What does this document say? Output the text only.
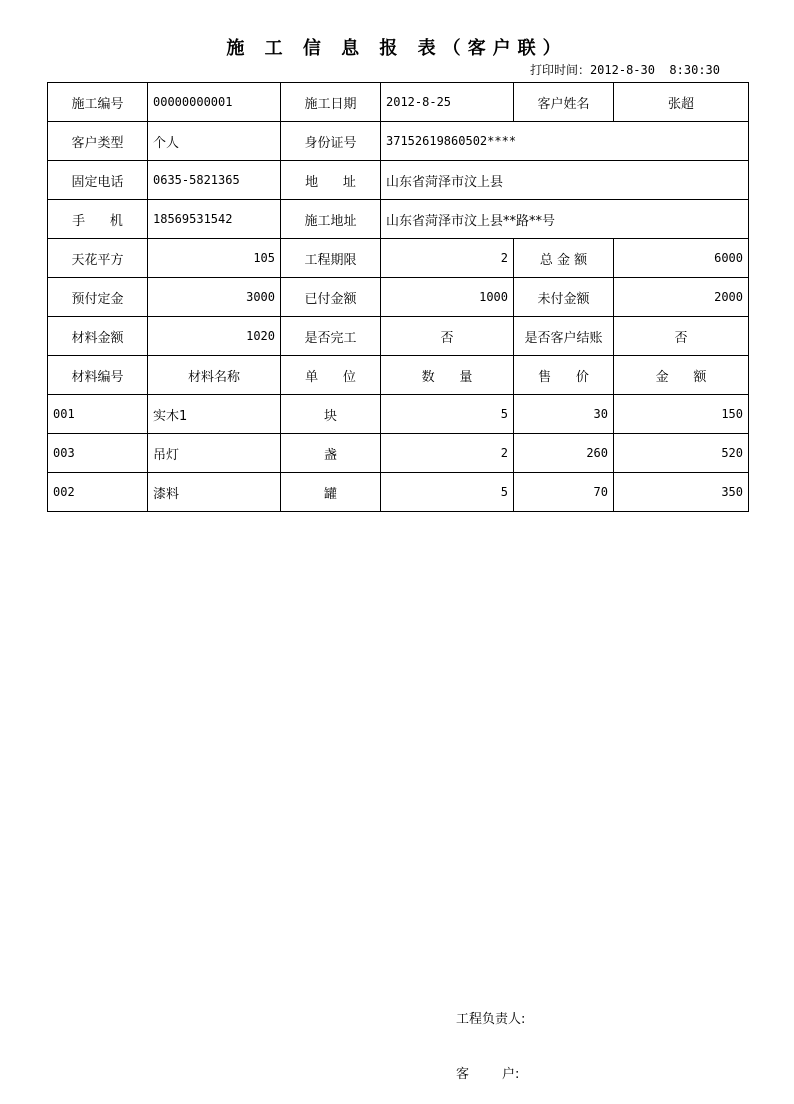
施 工 信 息 报 表（客户联）
打印时间：2012-8-30  8:30:30
施工编号	00000000001	施工日期	2012-8-25	客户姓名	张超
客户类型	个人	身份证号	37152619860502****		
固定电话	0635-5821365	地      址	山东省菏泽市汶上县		
手      机	18569531542	施工地址	山东省菏泽市汶上县**路**号		
天花平方	105	工程期限	2	总 金 额	6000
预付定金	3000	已付金额	1000	未付金额	2000
材料金额	1020	是否完工	否	是否客户结账	否
材料编号	材料名称	单      位	数      量	售      价	金      额
001	实木1	块	5	30	150
003	吊灯	盏	2	260	520
002	漆料	罐	5	70	350
工程负责人:
客        户:
